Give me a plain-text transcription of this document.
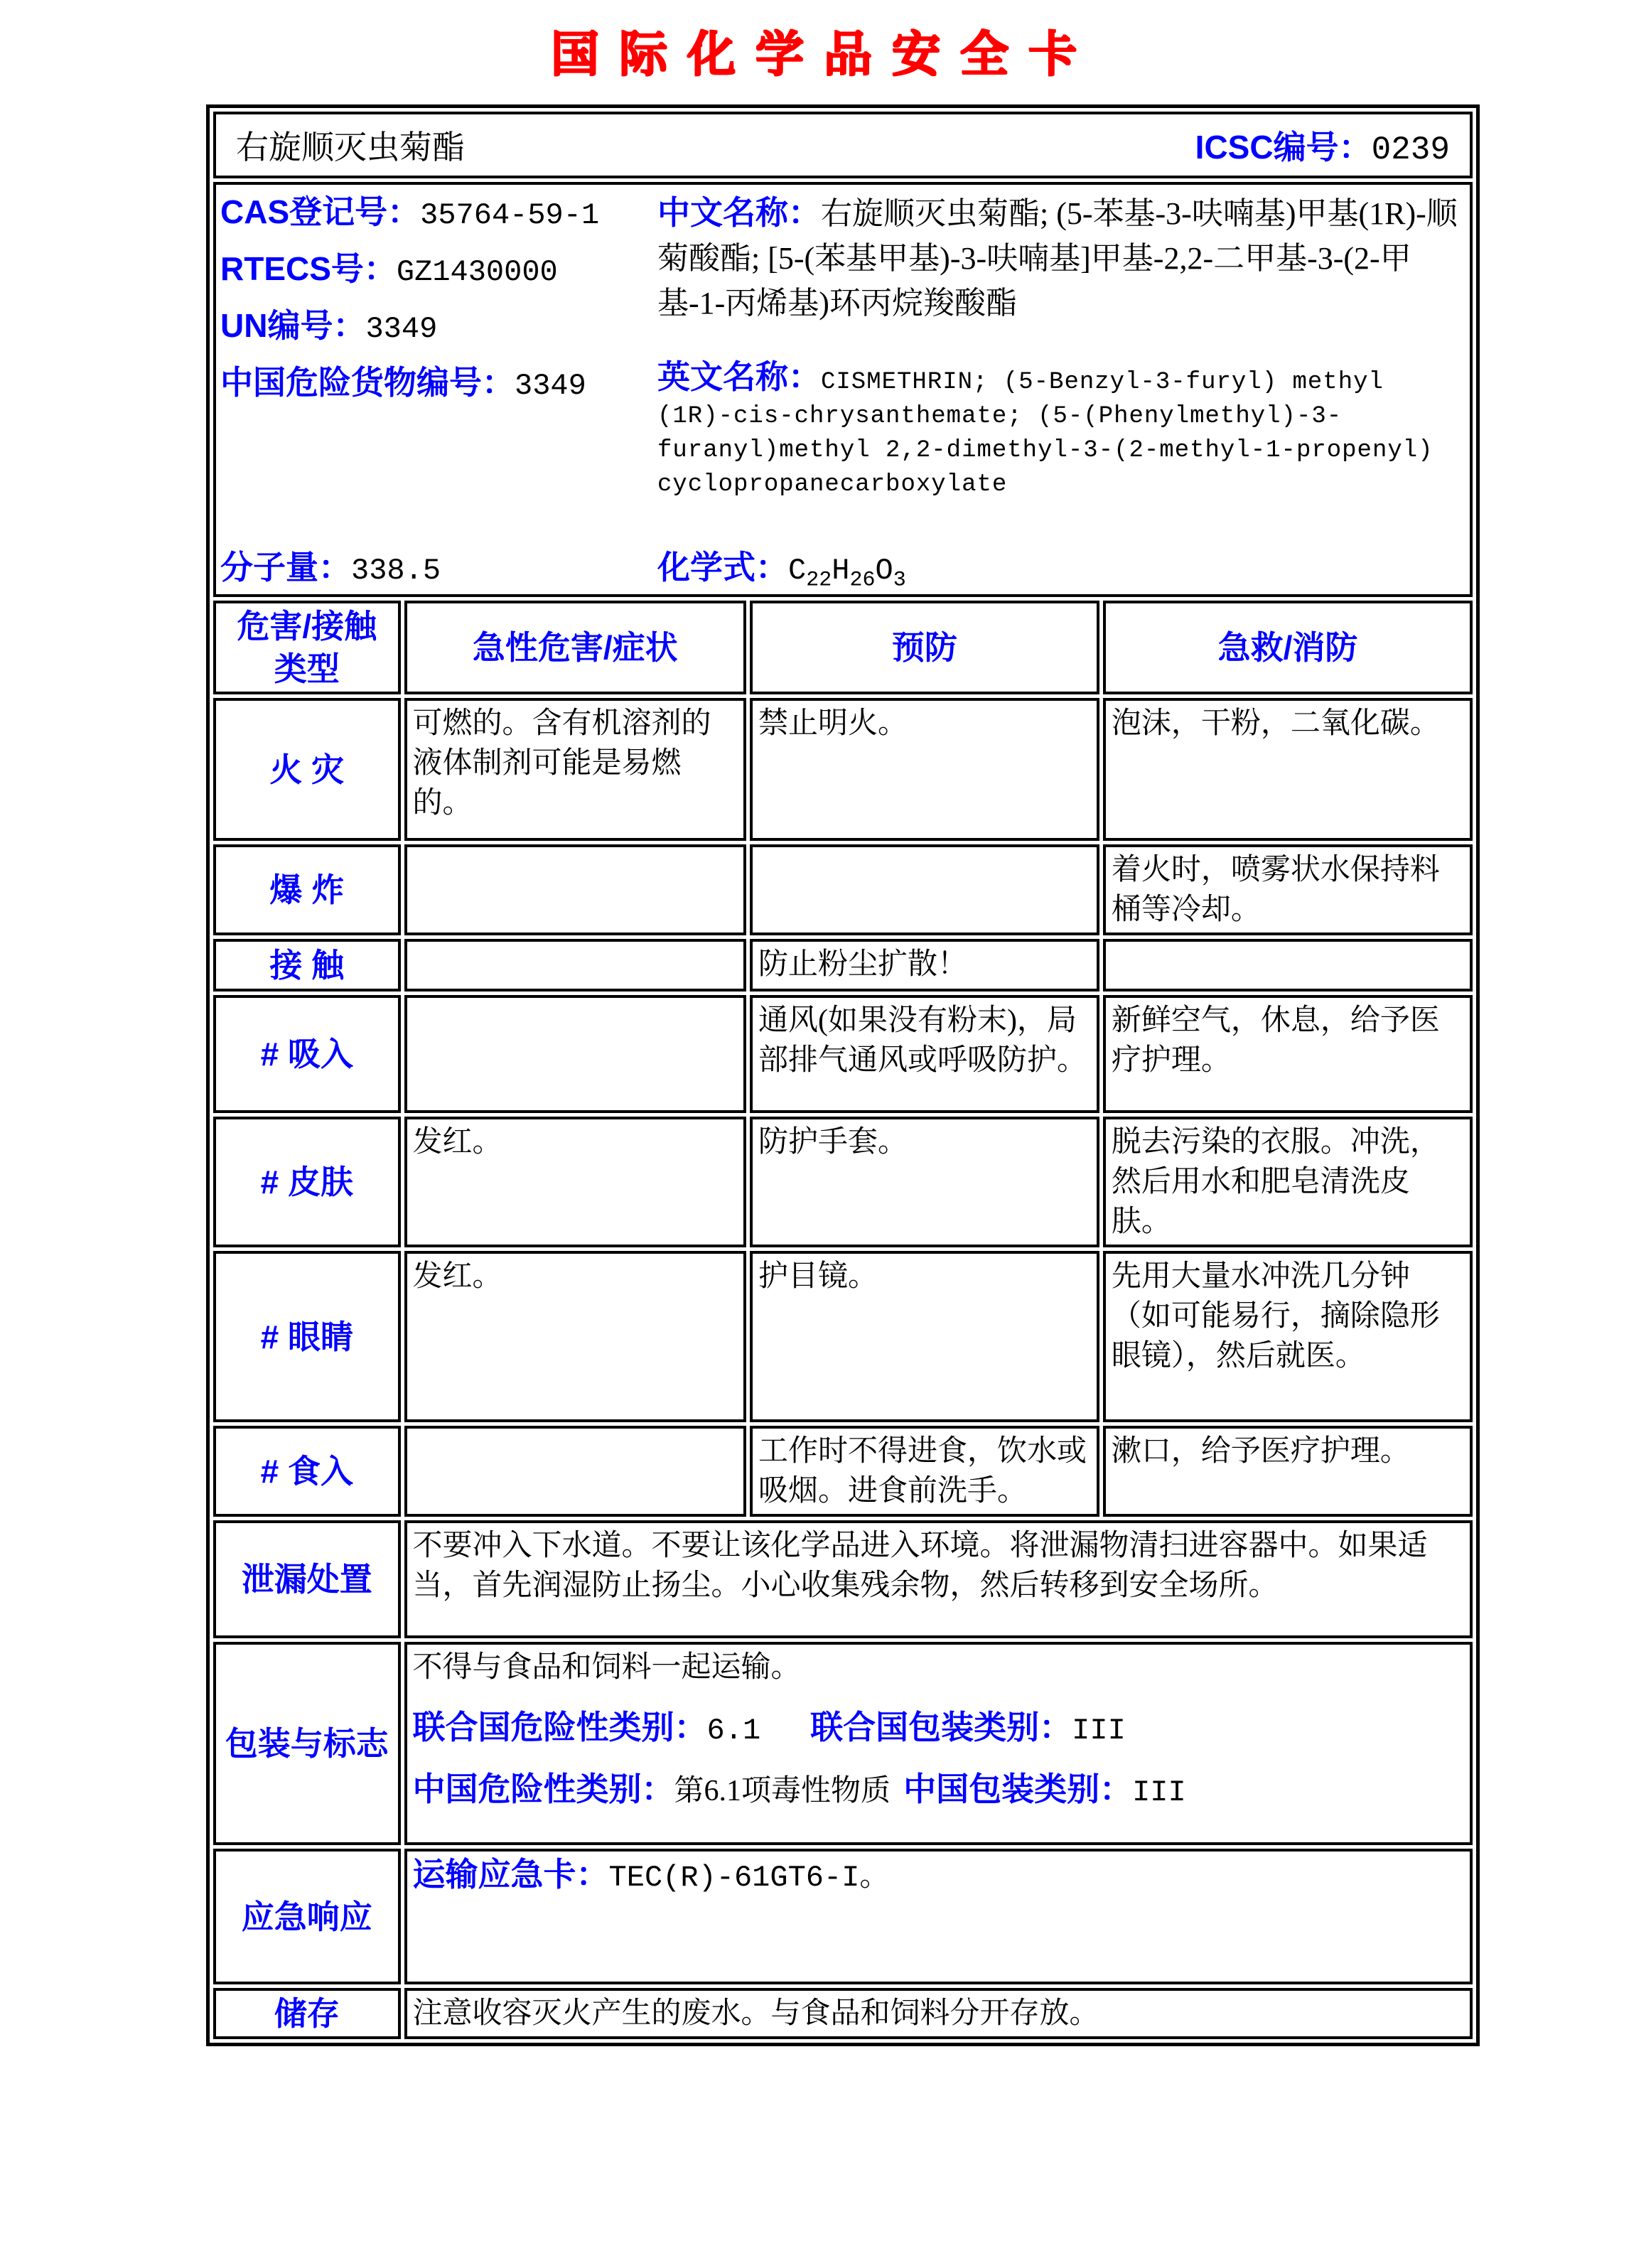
国际化学品安全卡
右旋顺灭虫菊酯 ICSC编号：0239			

CAS登记号：35764-59-1
RTECS号：GZ1430000
UN编号：3349
中国危险货物编号：3349
分子量：338.5
中文名称：右旋顺灭虫菊酯; (5-苯基-3-呋喃基)甲基(1R)-顺菊酸酯; [5-(苯基甲基)-3-呋喃基]甲基-2,2-二甲基-3-(2-甲基-1-丙烯基)环丙烷羧酸酯
英文名称：CISMETHRIN; (5-Benzyl-3-furyl) methyl (1R)-cis-chrysanthemate; (5-(Phenylmethyl)-3-furanyl)methyl 2,2-dimethyl-3-(2-methyl-1-propenyl) cyclopropanecarboxylate
化学式：$C_{22}H_{26}O_3$

危害/接触类型	急性危害/症状	预防	急救/消防
火 灾	可燃的。含有机溶剂的液体制剂可能是易燃的。	禁止明火。	泡沫，干粉，二氧化碳。
爆 炸			着火时，喷雾状水保持料桶等冷却。
接 触		防止粉尘扩散！	
# 吸入		通风(如果没有粉末)，局部排气通风或呼吸防护。	新鲜空气，休息，给予医疗护理。
# 皮肤	发红。	防护手套。	脱去污染的衣服。冲洗，然后用水和肥皂清洗皮肤。
# 眼睛	发红。	护目镜。	先用大量水冲洗几分钟（如可能易行，摘除隐形眼镜），然后就医。
# 食入		工作时不得进食，饮水或吸烟。进食前洗手。	漱口，给予医疗护理。
泄漏处置	不要冲入下水道。不要让该化学品进入环境。将泄漏物清扫进容器中。如果适当，首先润湿防止扬尘。小心收集残余物，然后转移到安全场所。		
包装与标志	不得与食品和饲料一起运输。
联合国危险性类别：6.1 联合国包装类别：III
中国危险性类别：第6.1项毒性物质 中国包装类别：III		

应急响应	运输应急卡：TEC(R)-61GT6-I。		

储存	注意收容灭火产生的废水。与食品和饲料分开存放。		
